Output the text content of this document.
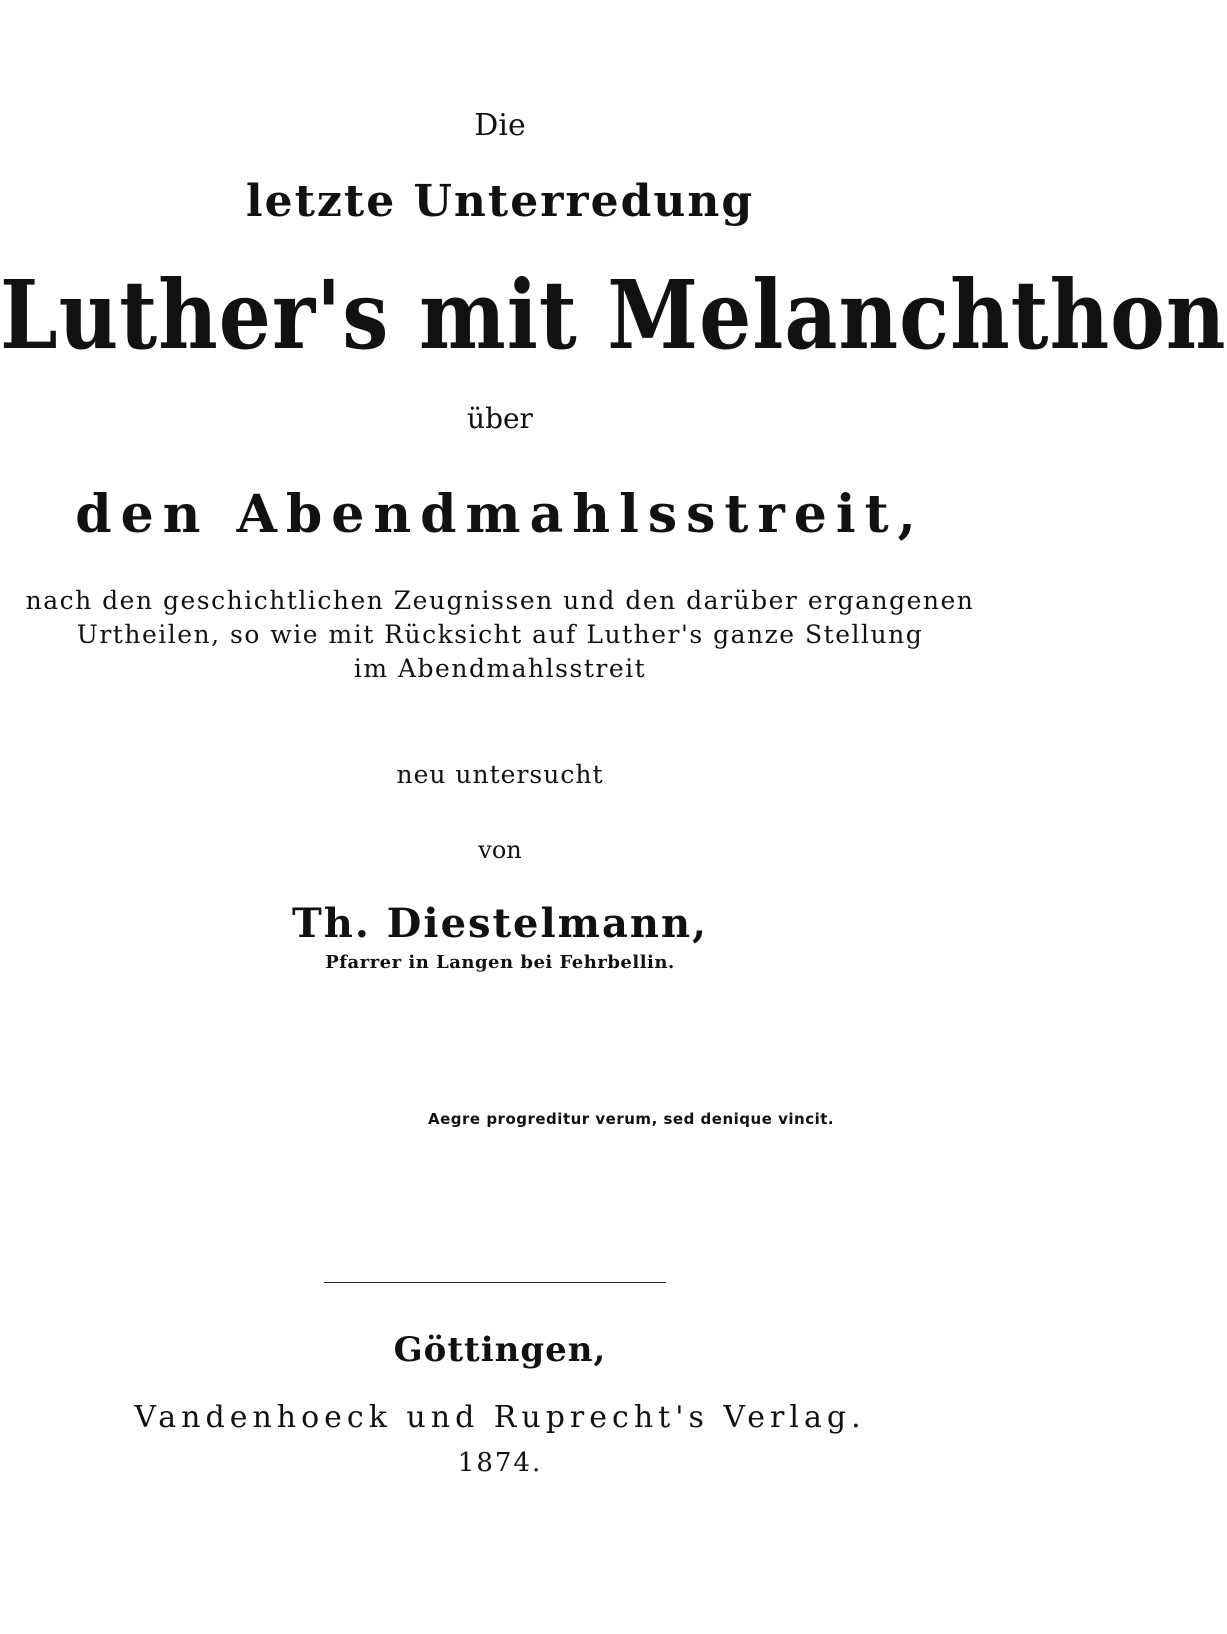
Die
letzte Unterredung
Luther's mit Melanchthon
über
den Abendmahlsstreit,
nach den geschichtlichen Zeugnissen und den darüber ergangenen
Urtheilen, so wie mit Rücksicht auf Luther's ganze Stellung
im Abendmahlsstreit
neu untersucht
von
Th. Diestelmann,
Pfarrer in Langen bei Fehrbellin.
Aegre progreditur verum, sed denique vincit.
Göttingen,
Vandenhoeck und Ruprecht's Verlag.
1874.
